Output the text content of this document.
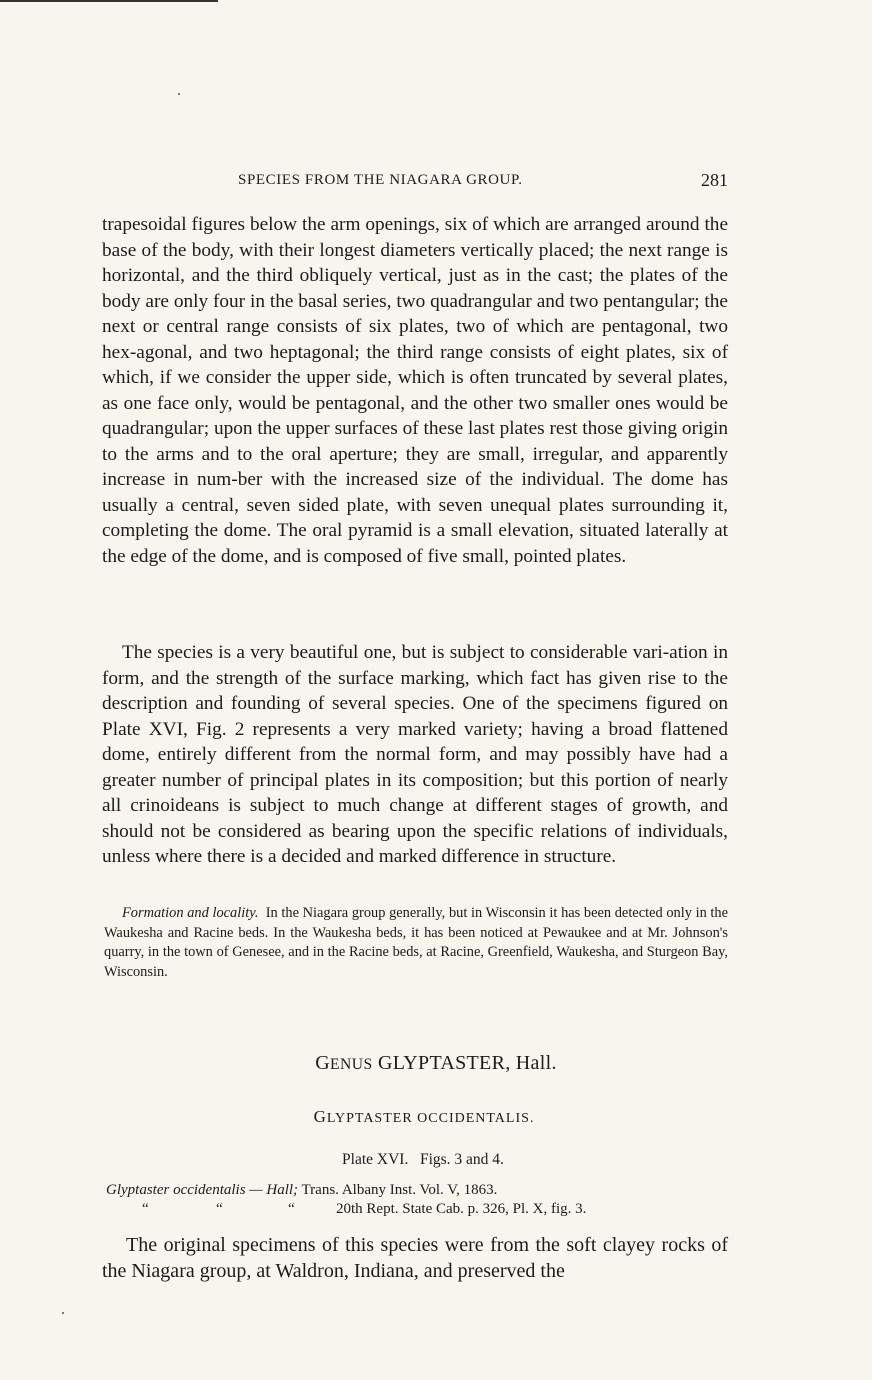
SPECIES FROM THE NIAGARA GROUP.	281

trapesoidal figures below the arm openings, six of which are arranged around the base of the body, with their longest diameters vertically placed; the next range is horizontal, and the third obliquely vertical, just as in the cast; the plates of the body are only four in the basal series, two quadrangular and two pentangular; the next or central range consists of six plates, two of which are pentagonal, two hex-agonal, and two heptagonal; the third range consists of eight plates, six of which, if we consider the upper side, which is often truncated by several plates, as one face only, would be pentagonal, and the other two smaller ones would be quadrangular; upon the upper surfaces of these last plates rest those giving origin to the arms and to the oral aperture; they are small, irregular, and apparently increase in num-ber with the increased size of the individual. The dome has usually a central, seven sided plate, with seven unequal plates surrounding it, completing the dome. The oral pyramid is a small elevation, situated laterally at the edge of the dome, and is composed of five small, pointed plates.

The species is a very beautiful one, but is subject to considerable vari-ation in form, and the strength of the surface marking, which fact has given rise to the description and founding of several species. One of the specimens figured on Plate XVI, Fig. 2 represents a very marked variety; having a broad flattened dome, entirely different from the normal form, and may possibly have had a greater number of principal plates in its composition; but this portion of nearly all crinoideans is subject to much change at different stages of growth, and should not be considered as bearing upon the specific relations of individuals, unless where there is a decided and marked difference in structure.

Formation and locality. In the Niagara group generally, but in Wisconsin it has been detected only in the Waukesha and Racine beds. In the Waukesha beds, it has been noticed at Pewaukee and at Mr. Johnson's quarry, in the town of Genesee, and in the Racine beds, at Racine, Greenfield, Waukesha, and Sturgeon Bay, Wisconsin.

GENUS GLYPTASTER, Hall.
GLYPTASTER OCCIDENTALIS.
Plate XVI.   Figs. 3 and 4.
Glyptaster occidentalis — Hall; Trans. Albany Inst. Vol. V, 1863.
“	“	“	20th Rept. State Cab. p. 326, Pl. X, fig. 3.

The original specimens of this species were from the soft clayey rocks of the Niagara group, at Waldron, Indiana, and preserved the
